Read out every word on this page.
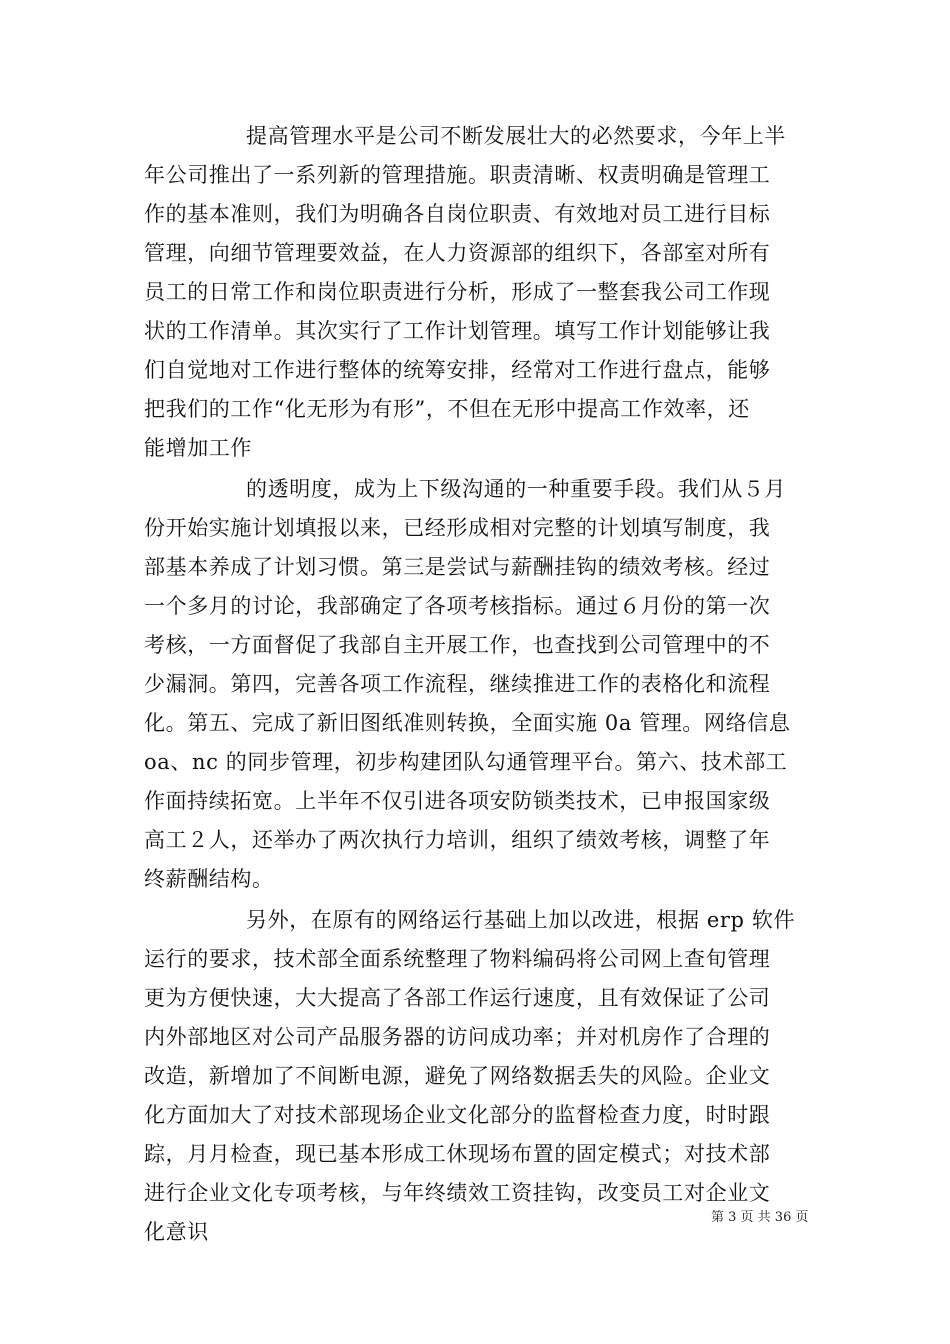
提高管理水平是公司不断发展壮大的必然要求，今年上半
年公司推出了一系列新的管理措施。职责清晰、权责明确是管理工
作的基本准则，我们为明确各自岗位职责、有效地对员工进行目标
管理，向细节管理要效益，在人力资源部的组织下，各部室对所有
员工的日常工作和岗位职责进行分析，形成了一整套我公司工作现
状的工作清单。其次实行了工作计划管理。填写工作计划能够让我
们自觉地对工作进行整体的统筹安排，经常对工作进行盘点，能够
把我们的工作“化无形为有形”，不但在无形中提高工作效率，还
能增加工作
的透明度，成为上下级沟通的一种重要手段。我们从５月
份开始实施计划填报以来，已经形成相对完整的计划填写制度，我
部基本养成了计划习惯。第三是尝试与薪酬挂钩的绩效考核。经过
一个多月的讨论，我部确定了各项考核指标。通过６月份的第一次
考核，一方面督促了我部自主开展工作，也查找到公司管理中的不
少漏洞。第四，完善各项工作流程，继续推进工作的表格化和流程
化。第五、完成了新旧图纸准则转换，全面实施 0a 管理。网络信息
oa、nc 的同步管理，初步构建团队勾通管理平台。第六、技术部工
作面持续拓宽。上半年不仅引进各项安防锁类技术，已申报国家级
高工２人，还举办了两次执行力培训，组织了绩效考核，调整了年
终薪酬结构。
另外，在原有的网络运行基础上加以改进，根据 erp 软件
运行的要求，技术部全面系统整理了物料编码将公司网上查旬管理
更为方便快速，大大提高了各部工作运行速度，且有效保证了公司
内外部地区对公司产品服务器的访问成功率；并对机房作了合理的
改造，新增加了不间断电源，避免了网络数据丢失的风险。企业文
化方面加大了对技术部现场企业文化部分的监督检查力度，时时跟
踪，月月检查，现已基本形成工休现场布置的固定模式；对技术部
进行企业文化专项考核，与年终绩效工资挂钩，改变员工对企业文
化意识
第 3 页 共 36 页
